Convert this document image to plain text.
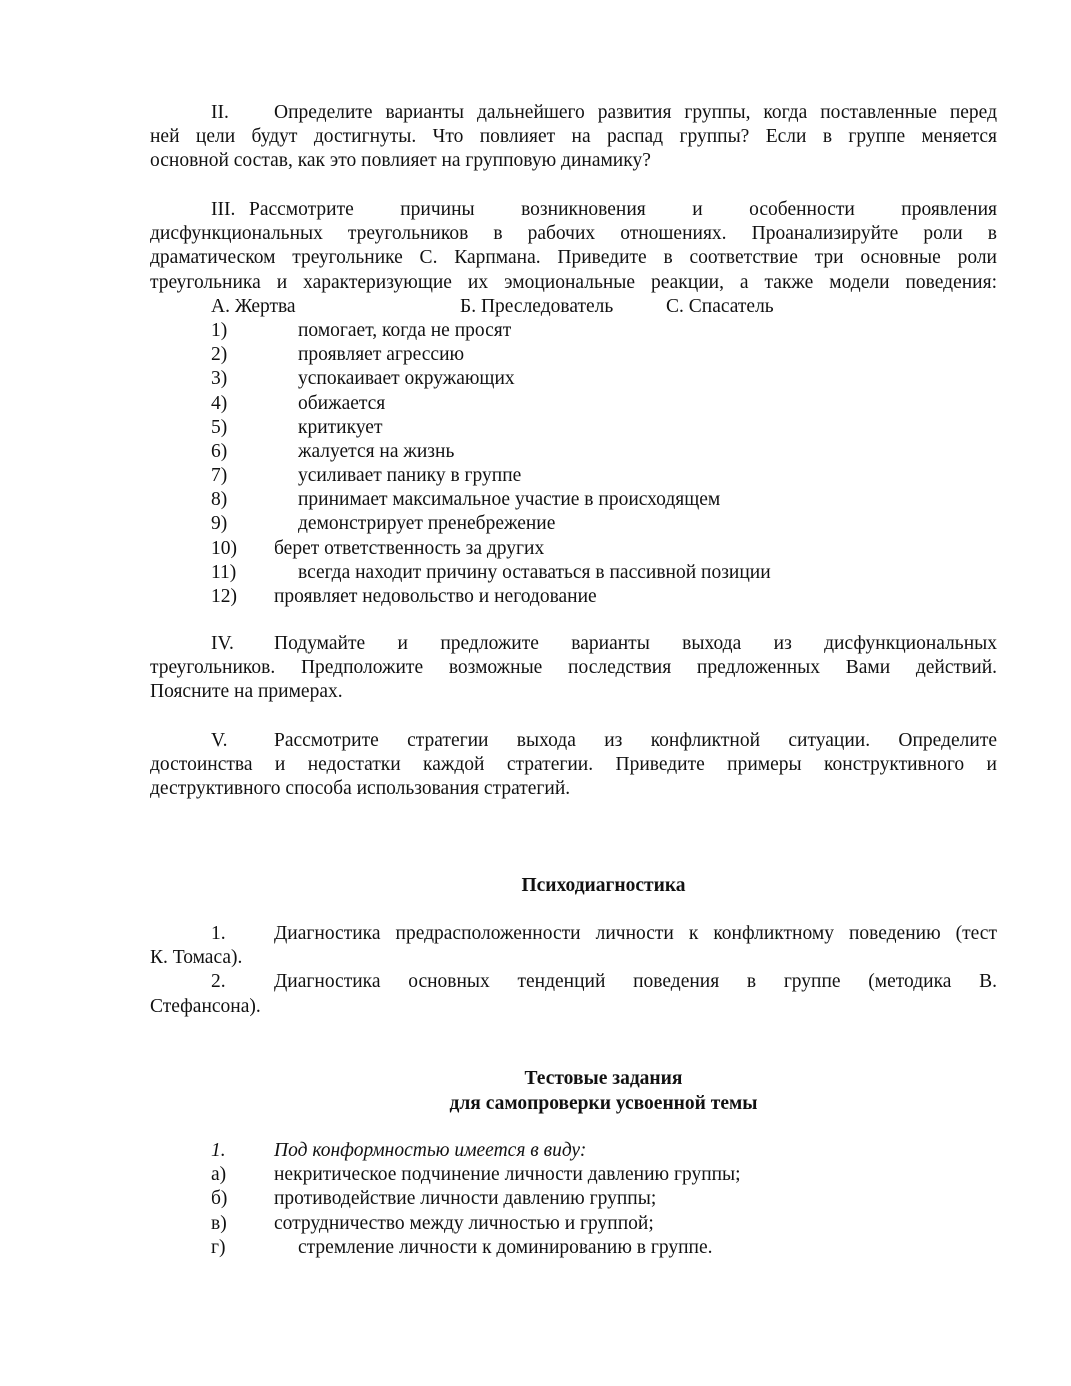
II. Определите варианты дальнейшего развития группы, когда поставленные перед
ней цели будут достигнуты. Что повлияет на распад группы? Если в группе меняется
основной состав, как это повлияет на групповую динамику?
III. Рассмотрите причины возникновения и особенности проявления
дисфункциональных треугольников в рабочих отношениях. Проанализируйте роли в
драматическом треугольнике С. Карпмана. Приведите в соответствие три основные роли
треугольника и характеризующие их эмоциональные реакции, а также модели поведения:
А. Жертва	Б. Преследователь	С. Спасатель
1)	помогает, когда не просят
2)	проявляет агрессию
3)	успокаивает окружающих
4)	обижается
5)	критикует
6)	жалуется на жизнь
7)	усиливает панику в группе
8)	принимает максимальное участие в происходящем
9)	демонстрирует пренебрежение
10) берет ответственность за других
11)	всегда находит причину оставаться в пассивной позиции
12) проявляет недовольство и негодование
IV. Подумайте и предложите варианты выхода из дисфункциональных
треугольников. Предположите возможные последствия предложенных Вами действий.
Поясните на примерах.
V. Рассмотрите стратегии выхода из конфликтной ситуации. Определите
достоинства и недостатки каждой стратегии. Приведите примеры конструктивного и
деструктивного способа использования стратегий.
Психодиагностика
1. Диагностика предрасположенности личности к конфликтному поведению (тест
К. Томаса).
2. Диагностика основных тенденций поведения в группе (методика В.
Стефансона).
Тестовые задания
для самопроверки усвоенной темы
1. Под конформностью имеется в виду:
а) некритическое подчинение личности давлению группы;
б) противодействие личности давлению группы;
в) сотрудничество между личностью и группой;
г)	стремление личности к доминированию в группе.
